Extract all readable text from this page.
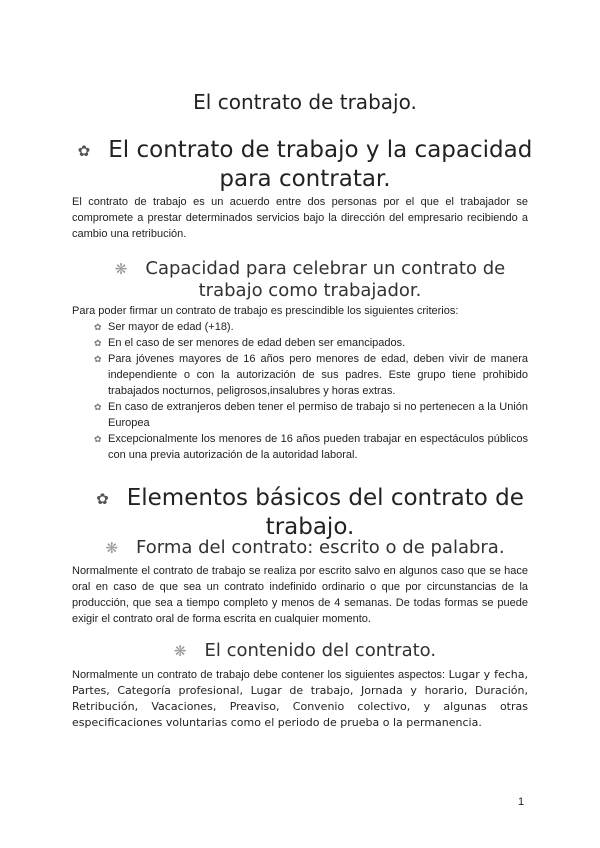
El contrato de trabajo.
✿ El contrato de trabajo y la capacidad para contratar.
El contrato de trabajo es un acuerdo entre dos personas por el que el trabajador se compromete a prestar determinados servicios bajo la dirección del empresario recibiendo a cambio una retribución.
❋ Capacidad para celebrar un contrato de trabajo como trabajador.
Para poder firmar un contrato de trabajo es prescindible los siguientes criterios:
✿ Ser mayor de edad (+18).
✿ En el caso de ser menores de edad deben ser emancipados.
✿ Para jóvenes mayores de 16 años pero menores de edad, deben vivir de manera independiente o con la autorización de sus padres. Este grupo tiene prohibido trabajados nocturnos, peligrosos,insalubres y horas extras.
✿ En caso de extranjeros deben tener el permiso de trabajo si no pertenecen a la Unión Europea
✿ Excepcionalmente los menores de 16 años pueden trabajar en espectáculos públicos con una previa autorización de la autoridad laboral.
✿ Elementos básicos del contrato de trabajo.
❋ Forma del contrato: escrito o de palabra.
Normalmente el contrato de trabajo se realiza por escrito salvo en algunos caso que se hace oral en caso de que sea un contrato indefinido ordinario o que por circunstancias de la producción, que sea a tiempo completo y menos de 4 semanas. De todas formas se puede exigir el contrato oral de forma escrita en cualquier momento.
❋ El contenido del contrato.
Normalmente un contrato de trabajo debe contener los siguientes aspectos: Lugar y fecha, Partes, Categoría profesional, Lugar de trabajo, Jornada y horario, Duración, Retribución, Vacaciones, Preaviso, Convenio colectivo, y algunas otras especificaciones voluntarias como el periodo de prueba o la permanencia.
1
